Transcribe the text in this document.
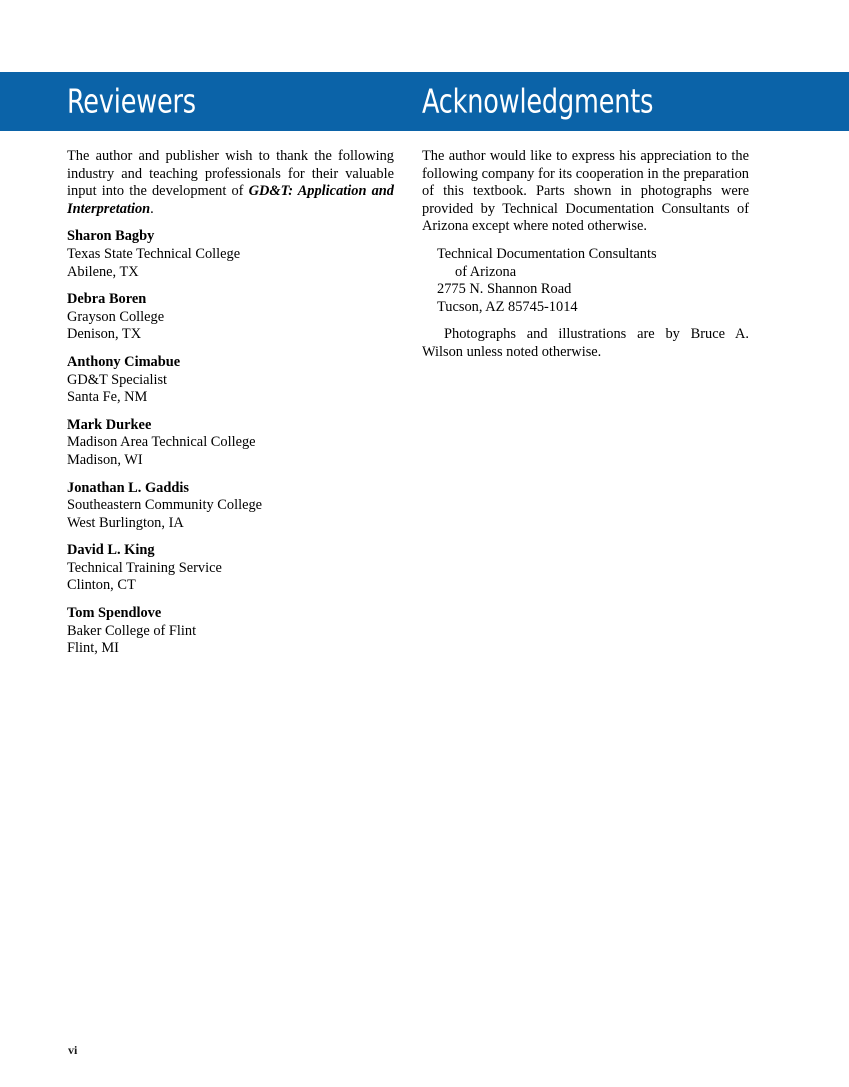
Reviewers	Acknowledgments

The author and publisher wish to thank the following industry and teaching professionals for their valuable input into the development of GD&T: Application and Interpretation.

Sharon Bagby
Texas State Technical College
Abilene, TX
Debra Boren
Grayson College
Denison, TX
Anthony Cimabue
GD&T Specialist
Santa Fe, NM
Mark Durkee
Madison Area Technical College
Madison, WI
Jonathan L. Gaddis
Southeastern Community College
West Burlington, IA
David L. King
Technical Training Service
Clinton, CT
Tom Spendlove
Baker College of Flint
Flint, MI

The author would like to express his appreciation to the following company for its cooperation in the preparation of this textbook. Parts shown in photographs were provided by Technical Documentation Consultants of Arizona except where noted otherwise.

Technical Documentation Consultants
of Arizona
2775 N. Shannon Road
Tucson, AZ 85745-1014

Photographs and illustrations are by Bruce A. Wilson unless noted otherwise.

vi
